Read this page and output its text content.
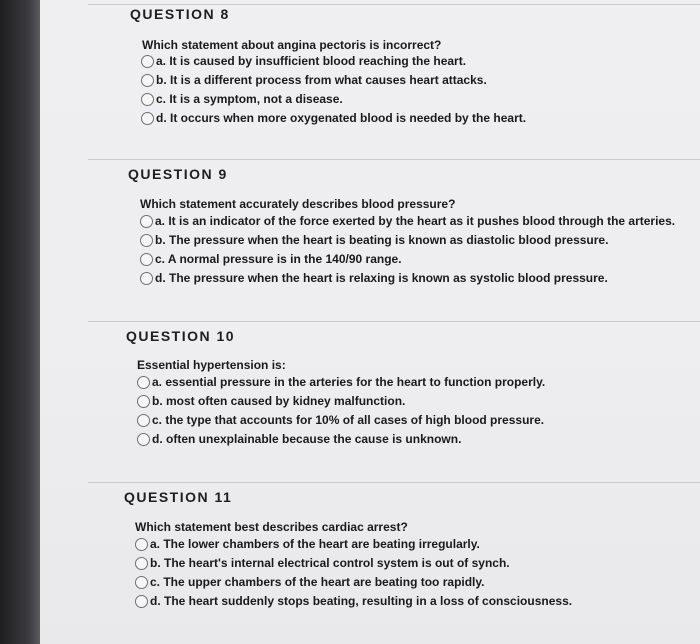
QUESTION 8
Which statement about angina pectoris is incorrect?
a. It is caused by insufficient blood reaching the heart.
b. It is a different process from what causes heart attacks.
c. It is a symptom, not a disease.
d. It occurs when more oxygenated blood is needed by the heart.
QUESTION 9
Which statement accurately describes blood pressure?
a. It is an indicator of the force exerted by the heart as it pushes blood through the arteries.
b. The pressure when the heart is beating is known as diastolic blood pressure.
c. A normal pressure is in the 140/90 range.
d. The pressure when the heart is relaxing is known as systolic blood pressure.
QUESTION 10
Essential hypertension is:
a. essential pressure in the arteries for the heart to function properly.
b. most often caused by kidney malfunction.
c. the type that accounts for 10% of all cases of high blood pressure.
d. often unexplainable because the cause is unknown.
QUESTION 11
Which statement best describes cardiac arrest?
a. The lower chambers of the heart are beating irregularly.
b. The heart's internal electrical control system is out of synch.
c. The upper chambers of the heart are beating too rapidly.
d. The heart suddenly stops beating, resulting in a loss of consciousness.
